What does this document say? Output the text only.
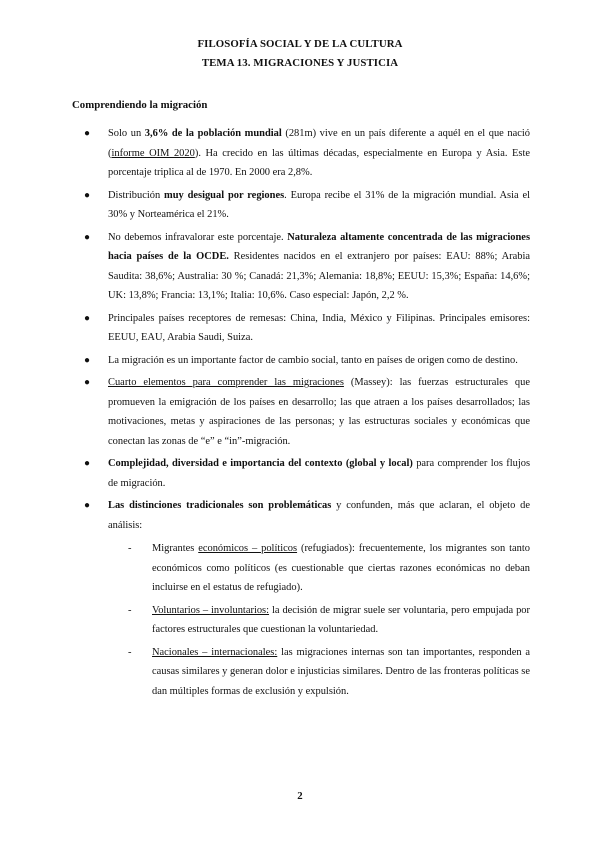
FILOSOFÍA SOCIAL Y DE LA CULTURA
TEMA 13. MIGRACIONES Y JUSTICIA
Comprendiendo la migración
● Solo un 3,6% de la población mundial (281m) vive en un país diferente a aquél en el que nació (informe OIM 2020). Ha crecido en las últimas décadas, especialmente en Europa y Asia. Este porcentaje triplica al de 1970. En 2000 era 2,8%.
● Distribución muy desigual por regiones. Europa recibe el 31% de la migración mundial. Asia el 30% y Norteamérica el 21%.
● No debemos infravalorar este porcentaje. Naturaleza altamente concentrada de las migraciones hacia países de la OCDE. Residentes nacidos en el extranjero por países: EAU: 88%; Arabia Saudita: 38,6%; Australia: 30 %; Canadá: 21,3%; Alemania: 18,8%; EEUU: 15,3%; España: 14,6%; UK: 13,8%; Francia: 13,1%; Italia: 10,6%. Caso especial: Japón, 2,2 %.
● Principales países receptores de remesas: China, India, México y Filipinas. Principales emisores: EEUU, EAU, Arabia Saudi, Suiza.
● La migración es un importante factor de cambio social, tanto en países de origen como de destino.
● Cuarto elementos para comprender las migraciones (Massey): las fuerzas estructurales que promueven la emigración de los países en desarrollo; las que atraen a los países desarrollados; las motivaciones, metas y aspiraciones de las personas; y las estructuras sociales y económicas que conectan las zonas de “e” e “in”-migración.
● Complejidad, diversidad e importancia del contexto (global y local) para comprender los flujos de migración.
● Las distinciones tradicionales son problemáticas y confunden, más que aclaran, el objeto de análisis:
- Migrantes económicos – políticos (refugiados): frecuentemente, los migrantes son tanto económicos como políticos (es cuestionable que ciertas razones económicas no deban incluirse en el estatus de refugiado).
- Voluntarios – involuntarios: la decisión de migrar suele ser voluntaria, pero empujada por factores estructurales que cuestionan la voluntariedad.
- Nacionales – internacionales: las migraciones internas son tan importantes, responden a causas similares y generan dolor e injusticias similares. Dentro de las fronteras políticas se dan múltiples formas de exclusión y expulsión.
2
